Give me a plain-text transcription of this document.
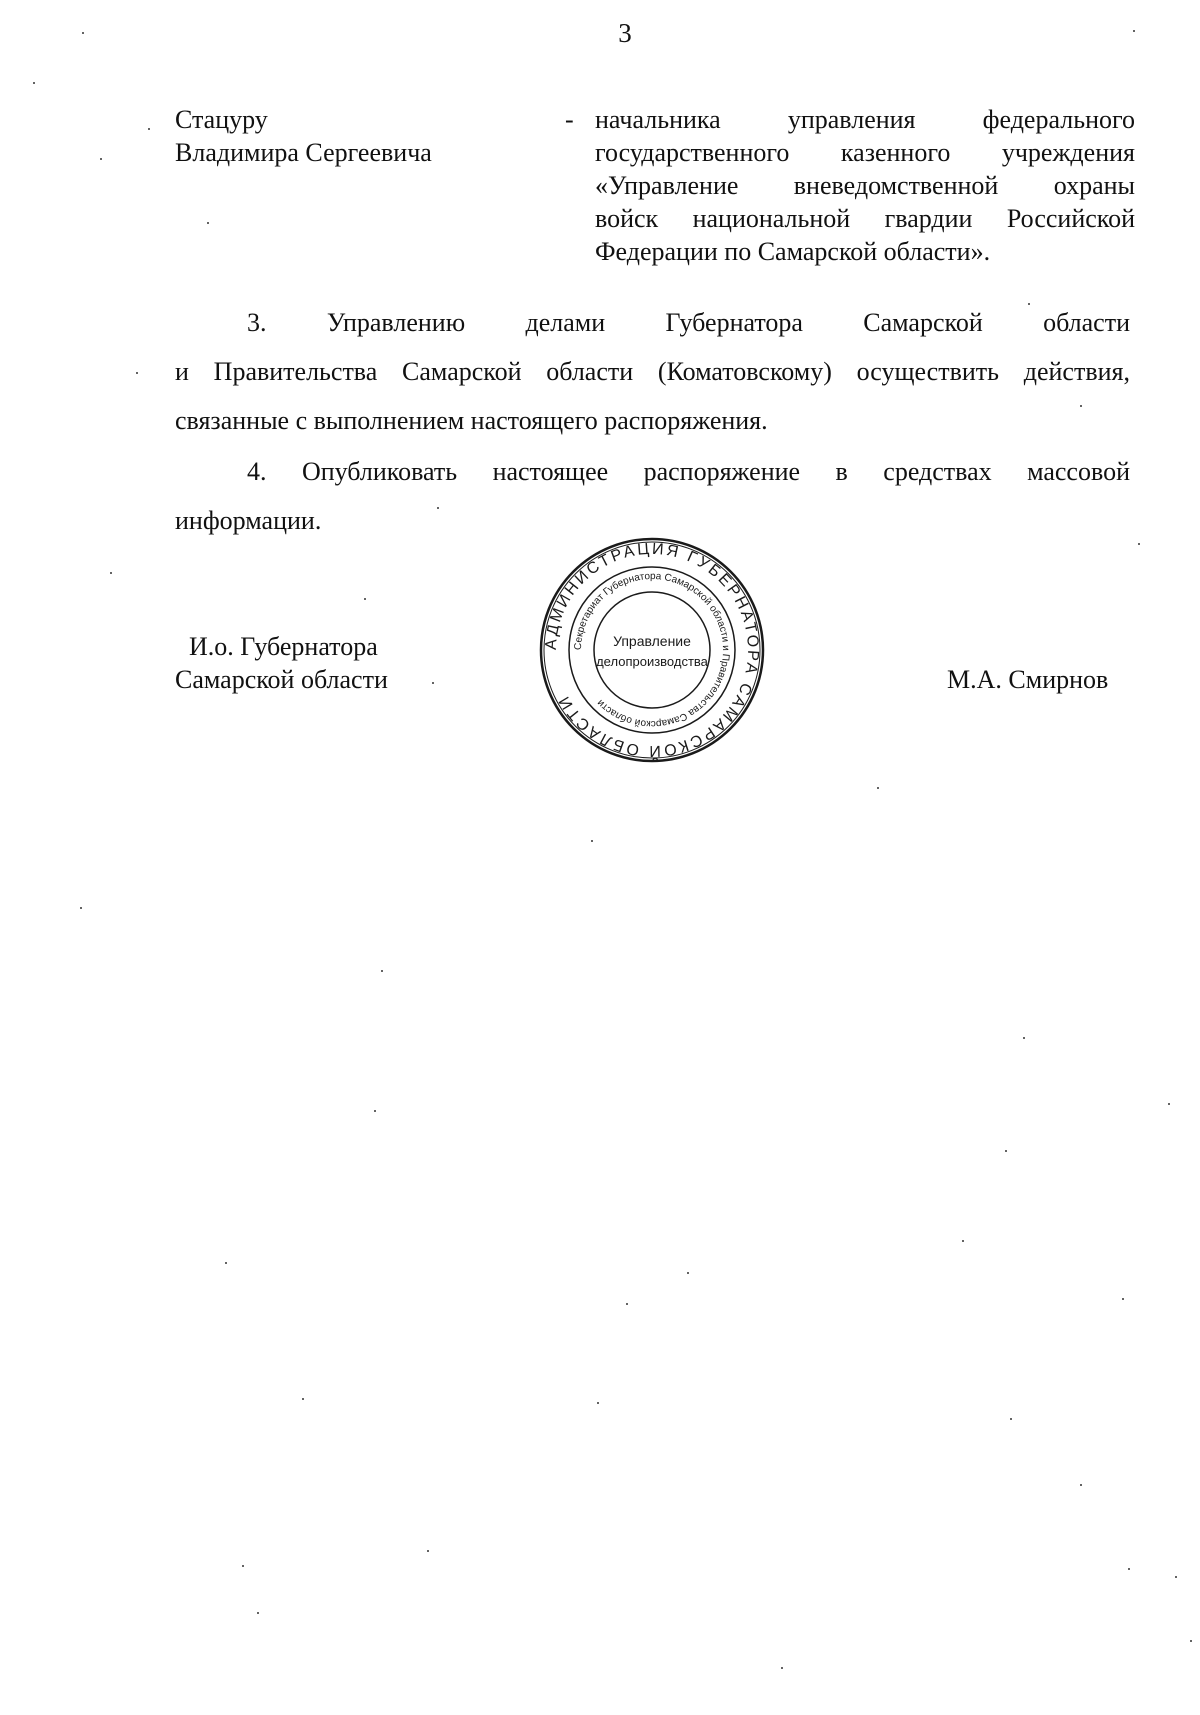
3
Стацуру
Владимира Сергеевича
- начальника управления федерального
государственного казенного учреждения
«Управление вневедомственной охраны
войск национальной гвардии Российской
Федерации по Самарской области».
3. Управлению делами Губернатора Самарской области
и Правительства Самарской области (Коматовскому) осуществить действия,
связанные с выполнением настоящего распоряжения.
4. Опубликовать настоящее распоряжение в средствах массовой
информации.
И.о. Губернатора
Самарской области	М.А. Смирнов
АДМИНИСТРАЦИЯ ГУБЕРНАТОРА САМАРСКОЙ ОБЛАСТИ
Секретариат Губернатора Самарской области и Правительства Самарской области
Управление
делопроизводства
